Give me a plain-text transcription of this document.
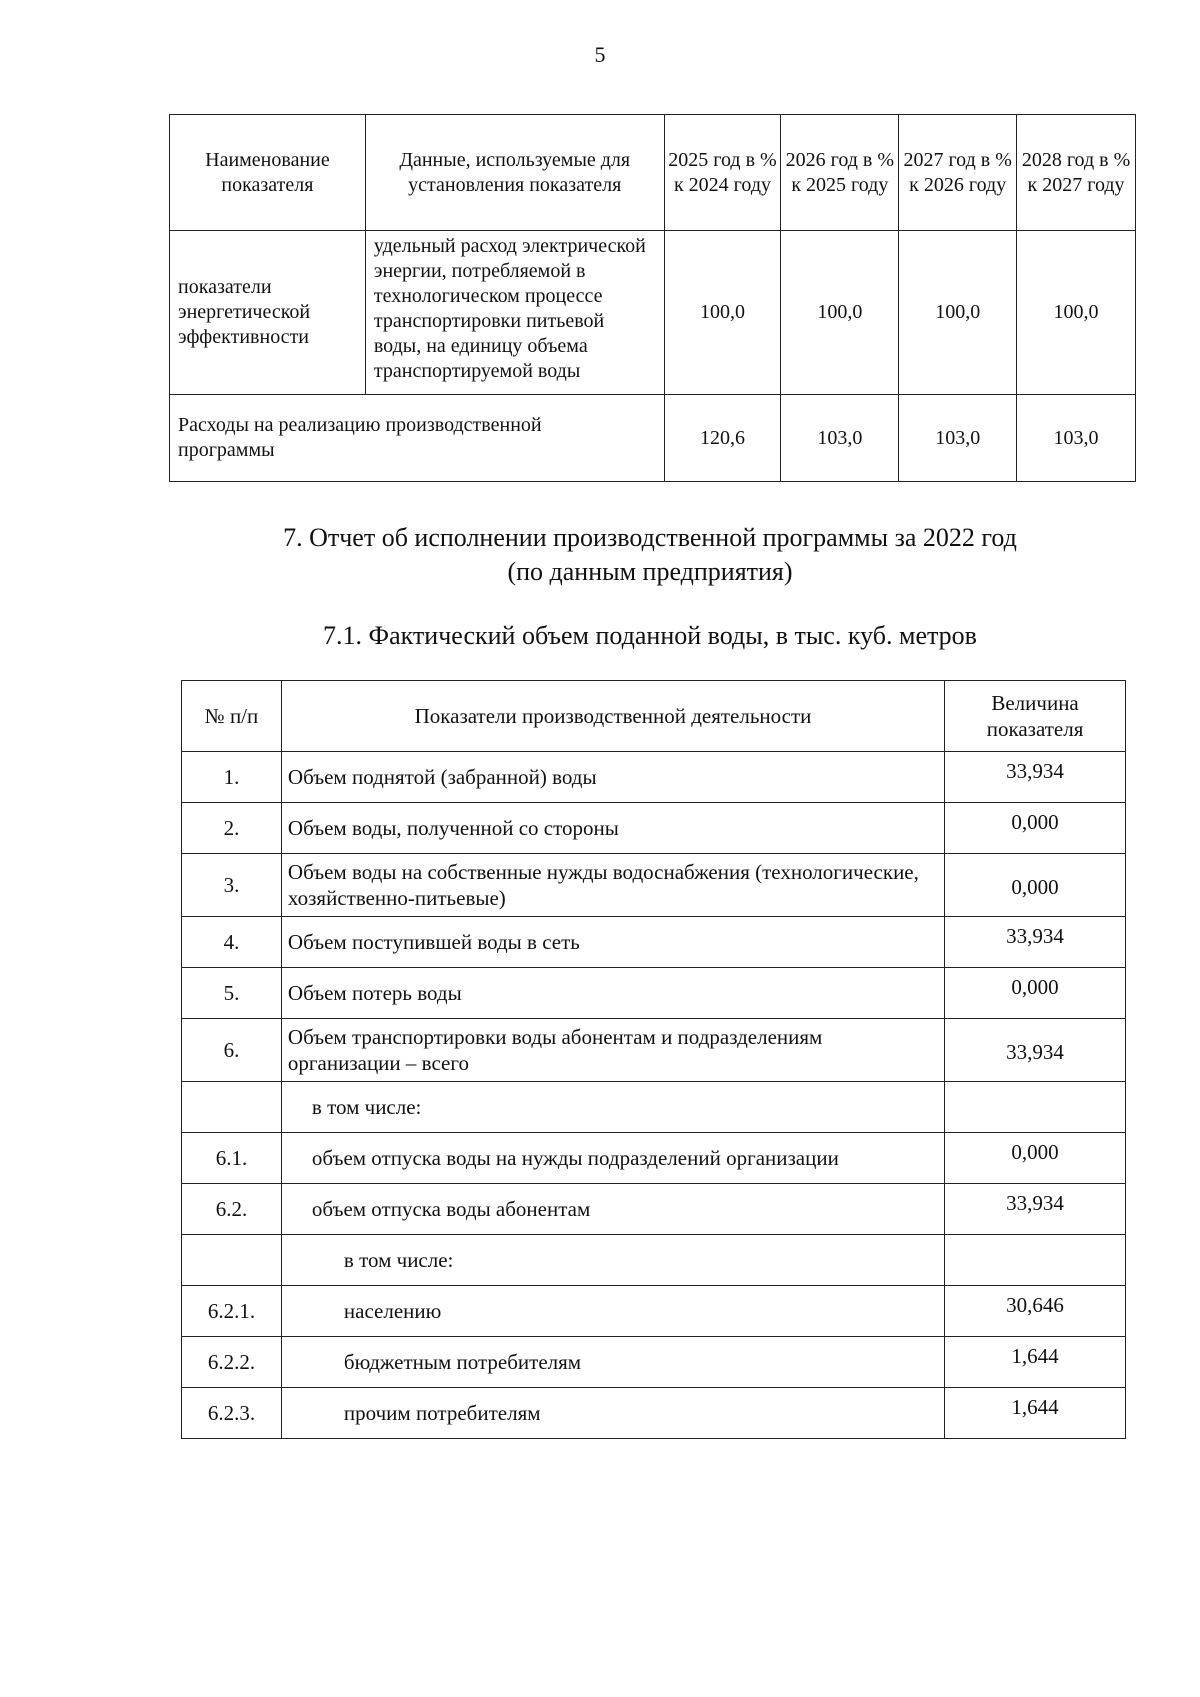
5
Наименование показателя	Данные, используемые для установления показателя	2025 год в % к 2024 году	2026 год в % к 2025 году	2027 год в % к 2026 году	2028 год в % к 2027 году
показатели энергетической эффективности	удельный расход электрической энергии, потребляемой в технологическом процессе транспортировки питьевой воды, на единицу объема транспортируемой воды	100,0	100,0	100,0	100,0
Расходы на реализацию производственной программы		120,6	103,0	103,0	103,0
7. Отчет об исполнении производственной программы за 2022 год
(по данным предприятия)
7.1. Фактический объем поданной воды, в тыс. куб. метров
№ п/п	Показатели производственной деятельности	Величина показателя
1.	Объем поднятой (забранной) воды	33,934
2.	Объем воды, полученной со стороны	0,000
3.	Объем воды на собственные нужды водоснабжения (технологические, хозяйственно-питьевые)	0,000
4.	Объем поступившей воды в сеть	33,934
5.	Объем потерь воды	0,000
6.	Объем транспортировки воды абонентам и подразделениям организации – всего	33,934
	в том числе:	
6.1.	объем отпуска воды на нужды подразделений организации	0,000
6.2.	объем отпуска воды абонентам	33,934
	в том числе:	
6.2.1.	населению	30,646
6.2.2.	бюджетным потребителям	1,644
6.2.3.	прочим потребителям	1,644
